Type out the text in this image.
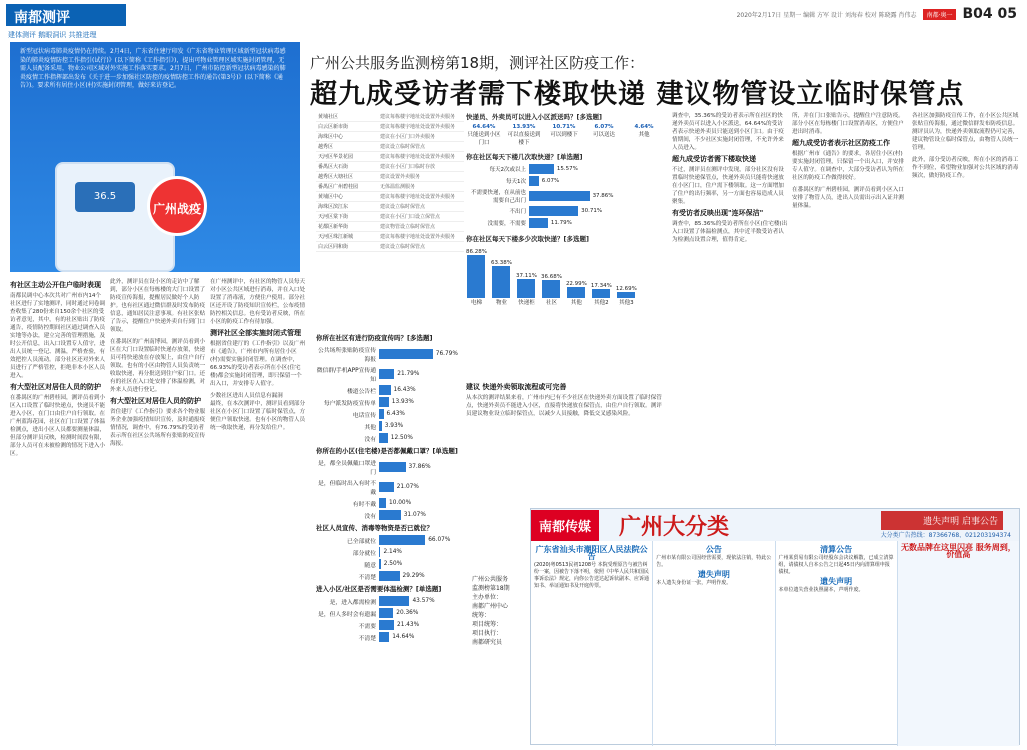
南都测评
建体测评 鹅眼洞识 共推进理
2020年2月17日 星期一 编辑 方军 设计 刘海春 校对 陈晓露 肖伟志	南都·奥一 B04 05
新型冠状病毒肺炎疫情仍在持续。2月4日，广东省住建厅印发《广东省物业管理区域新型冠状病毒感染的肺炎疫情防控工作指引(试行)》(以下简称《工作指引》)，提出可物业管理区域实施封闭管理，无需人员配备采用，物业公司区域对外实施工作落实要求。2月7日，广州市防控新型冠状病毒感染的肺炎疫情工作指挥部出发布《关于进一步加强社区防控的疫情防控工作的通告(第3号)》(以下简称《通告》)。要求所有居住小区(村)实施封闭管理，做好来访登记。
36.5
广州战疫
有社区主动公开住户临时表现
南都民调中心本次共对广州市内14个社区进行了实地测评，同时通过问卷调查收集了280份来自150余个社区的受访者意见，其中，有的社区贴出了防疫通告，疫情防控期间社区通过调查入员实地等办法，建立完善的管理措施，及时公开信息，出入口设置专人值守，进出人员统一登记、测温，严格查验，有效把控人员流动。部分社区还对外来人员进行了严格管控，拒绝非本小区人员进入。
有大型社区对居住人员的防护
在番禺区的广州碧桂园，测评员看到小区入口设置了临时快递点，快递员不能进入小区，在门口由住户自行领取。在广州蓝海花园，社区在门口设置了体温检测点，进出小区人员都要测量体温，但部分测评员反映，检测时间段有限，部分人员可在未被检测的情况下进入小区。
此外，测评员在设小区的走访中了解到，部分小区在每栋楼的大门口设置了防疫宣传海报，提醒居民做好个人防护。也有社区通过微信群及时发布防疫信息，通知居民注意事项。有社区张贴了告示，提醒住户快递外卖自行到门口领取。
在番禺区的广州南博园，测评员看到小区在大门口设置临时快递存放架，快递员可将快递放在存放架上，由住户自行领取。也有的小区由物管人员负责统一收取快递，再分批送到住户家门口。还有的社区在入口处安排了体温检测，对外来人员进行登记。
有大型社区对居住人员的防护
省住建厅《工作指引》要求各个物业服务企业加强疫情知识宣传，及时通报疫情情况，调查中，有76.79%的受访者表示所在社区公共场所有张贴防疫宣传海报。
在广州测评中，有社区的物管人员每天对小区公共区域进行消毒，并在入口处设置了消毒液，方便住户使用。部分社区还开设了防疫知识宣传栏，公布疫情防控相关信息。也有受访者反映，所在小区的防疫工作有待加强。
测评社区全部实施封闭式管理
根据省住建厅的《工作指引》以及广州市《通告》，广州市内所有居住小区(村)需要实施封闭管理。在调查中，66.93%的受访者表示所在小区(住宅楼)都会实施封闭管理，即只保留一个出入口，并安排专人值守。
少数社区进出人员信息有漏洞
最终，在本次测评中，测评员看到部分社区在小区门口设置了临时保管点，方便住户领取快递。也有小区的物管人员统一收取快递，再分发给住户。
广州公共服务监测榜第18期，测评社区防疫工作：
超九成受访者需下楼取快递 建议物管设立临时保管点
黄埔社区	建议每栋楼宇地址处设置外卖服务
白云区新市街	建议每栋楼宇地址处设置外卖服务
海珠区中心	建议在小区门口外卖服务
越秀区	建议设立临时保管点
天河区华景花园	建议每栋楼宇地址处设置外卖服务
番禺区大石街	建议在小区门口临时存放
越秀区大塘社区	建议设置外卖服务
番禺区广州碧桂园	无体温监测服务
黄埔区中心	建议每栋楼宇地址处设置外卖服务
海珠区滨江东	建议设立临时保管点
天河区棠下街	建议在小区门口设立保管点
花都区新华街	建议物管设立临时保管点
天河区珠江新城	建议每栋楼宇地址处设置外卖服务
白云区同和街	建议设立临时保管点
快递员、外卖员可以进入小区派送吗？[多选题]
64.64%
只能送到小区门口
13.93%
可以直接送到楼下
10.71%
可以到楼下
6.07%
可以送达
4.64%
其他
你在社区每天下楼几次取快递？[单选题]
每天2次或以上	15.57%
每天1次	6.07%
不需要快递，在从前也需要自己出门
37.86%
不出门	30.71%
没需要，不需要	11.79%
你在社区每天下楼多少次取快递？[多选题]
86.28%
电梯
63.38%
物业
37.11%
快递柜
36.68%
社区
22.99%
其他
17.34%
其他2
12.69%
其他3
你所在社区有进行防疫宣传吗？[多选题]
公共场所张贴防疫宣传海报
76.79%
微信群/手机APP宣传通知
21.79%
楼道公告栏	16.43%
每户派发防疫宣传单	13.93%
电话宣传 6.43%
其他 3.93%
没有	12.50%
你所在的小区(住宅楼)是否都佩戴口罩？[单选题]
是，都全员佩戴口罩进门
37.86%
是，但临时出入有时不戴
21.07%
有时不戴 10.00%
没有	31.07%
社区人员宣传、消毒等物资是否已就位？
已全部就位	66.07%
部分就位 2.14%
随意 2.50%
不清楚	29.29%
进入小区/社区是否需要体温检测？[单选题]
是，进入都需检测	43.57%
是，但人多时会有遗漏	20.36%
不需要	21.43%
不清楚	14.64%
建议 快递外卖领取流程或可完善
从本次的测评结果来看，广州市内已有不少社区在快递外卖方面设置了临时保管点，快递外卖员不能进入小区，直接将快递放在保管点，由住户自行领取。测评员建议物业设立临时保管点，以减少人员接触，降低交叉感染风险。
广州公共服务
监测榜第18期
主办单位：
南都广州中心
统筹：
项目统筹：
项目执行：
南都研究员
调查中，35.36%的受访者表示所在社区的快递外卖员可以进入小区派送，64.64%的受访者表示快递外卖员只能送到小区门口。由于疫情期间，不少社区实施封闭管理，不允许外来人员进入。
超九成受访者需下楼取快递
不过，测评员在测评中发现，部分社区没有设置临时快递保管点，快递外卖员只能将快递放在小区门口，住户需下楼领取。这一方面增加了住户的出行频率，另一方面也容易造成人员聚集。
有受访者反映出现"连环保洁"
调查中，85.36%的受访者所在小区(住宅楼)出入口设置了体温检测点，其中近半数受访者认为检测点设置合理，值得肯定。
所，并在门口张贴告示，提醒住户注意防疫。部分小区在每栋楼门口设置消毒区，方便住户进出时消毒。
超九成受访者表示社区防疫工作
根据广州市《通告》的要求，各居住小区(村)要实施封闭管理，只保留一个出入口，并安排专人值守。在调查中，大部分受访者认为所在社区的防疫工作做得较好。
在番禺区的广州碧桂园，测评员看到小区入口安排了物管人员，进出人员需出示出入证并测量体温。
各社区加强防疫宣传工作，在小区公共区域张贴宣传海报，通过微信群发布防疫信息。测评员认为，快递外卖领取流程仍可完善，建议物管设立临时保管点，由物管人员统一管理。
此外，部分受访者反映，所在小区的消毒工作不到位，希望物业加强对公共区域的消毒频次，做好防疫工作。
南都传媒	广州大分类	遗失声明 启事公告
大分类广告热线：87366768、021203194374
广东省汕头市潮阳区人民法院公告
(2020)粤0513民初1208号 本院受理原告与被告纠纷一案，因被告下落不明，依照《中华人民共和国民事诉讼法》规定，向你公告送达起诉状副本、应诉通知书、举证通知书及开庭传票。
公告
广州市某有限公司因经营需要，现依法注销，特此公告。
遗失声明
本人遗失身份证一张，声明作废。
清算公告
广州某贸易有限公司经股东会决议解散，已成立清算组，请债权人自本公告之日起45日内向清算组申报债权。
遗失声明
本单位遗失营业执照副本，声明作废。
无数品牌在这里闪亮 服务周到，价值高
